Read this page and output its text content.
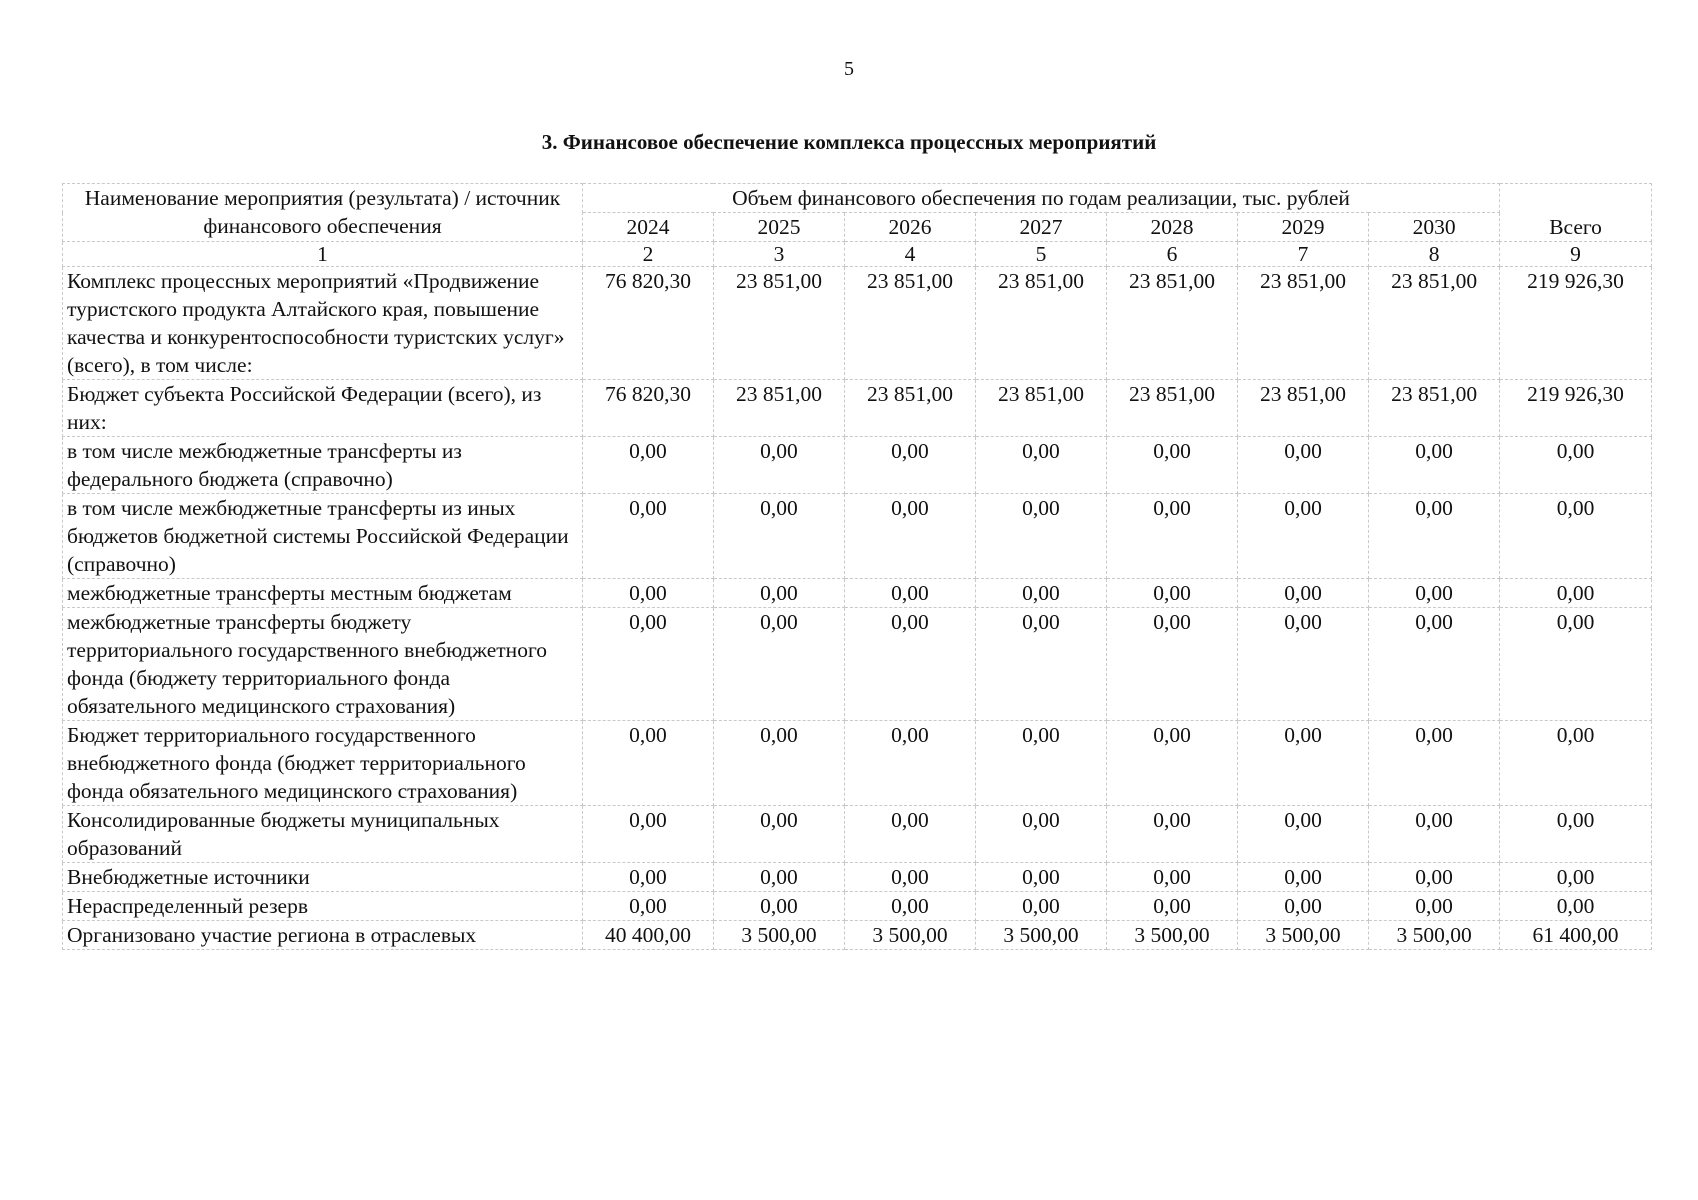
5
3. Финансовое обеспечение комплекса процессных мероприятий
Наименование мероприятия (результата) / источник финансового обеспечения	Объем финансового обеспечения по годам реализации, тыс. рублей							Всего
	2024	2025	2026	2027	2028	2029	2030	
1	2	3	4	5	6	7	8	9
Комплекс процессных мероприятий «Продвижение туристского продукта Алтайского края, повышение качества и конкурентоспособности туристских услуг» (всего), в том числе:	76 820,30	23 851,00	23 851,00	23 851,00	23 851,00	23 851,00	23 851,00	219 926,30
Бюджет субъекта Российской Федерации (всего), из них:	76 820,30	23 851,00	23 851,00	23 851,00	23 851,00	23 851,00	23 851,00	219 926,30
в том числе межбюджетные трансферты из федерального бюджета (справочно)	0,00	0,00	0,00	0,00	0,00	0,00	0,00	0,00
в том числе межбюджетные трансферты из иных бюджетов бюджетной системы Российской Федерации (справочно)	0,00	0,00	0,00	0,00	0,00	0,00	0,00	0,00
межбюджетные трансферты местным бюджетам	0,00	0,00	0,00	0,00	0,00	0,00	0,00	0,00
межбюджетные трансферты бюджету территориального государственного внебюджетного фонда (бюджету территориального фонда обязательного медицинского страхования)	0,00	0,00	0,00	0,00	0,00	0,00	0,00	0,00
Бюджет территориального государственного внебюджетного фонда (бюджет территориального фонда обязательного медицинского страхования)	0,00	0,00	0,00	0,00	0,00	0,00	0,00	0,00
Консолидированные бюджеты муниципальных образований	0,00	0,00	0,00	0,00	0,00	0,00	0,00	0,00
Внебюджетные источники	0,00	0,00	0,00	0,00	0,00	0,00	0,00	0,00
Нераспределенный резерв	0,00	0,00	0,00	0,00	0,00	0,00	0,00	0,00
Организовано участие региона в отраслевых	40 400,00	3 500,00	3 500,00	3 500,00	3 500,00	3 500,00	3 500,00	61 400,00
